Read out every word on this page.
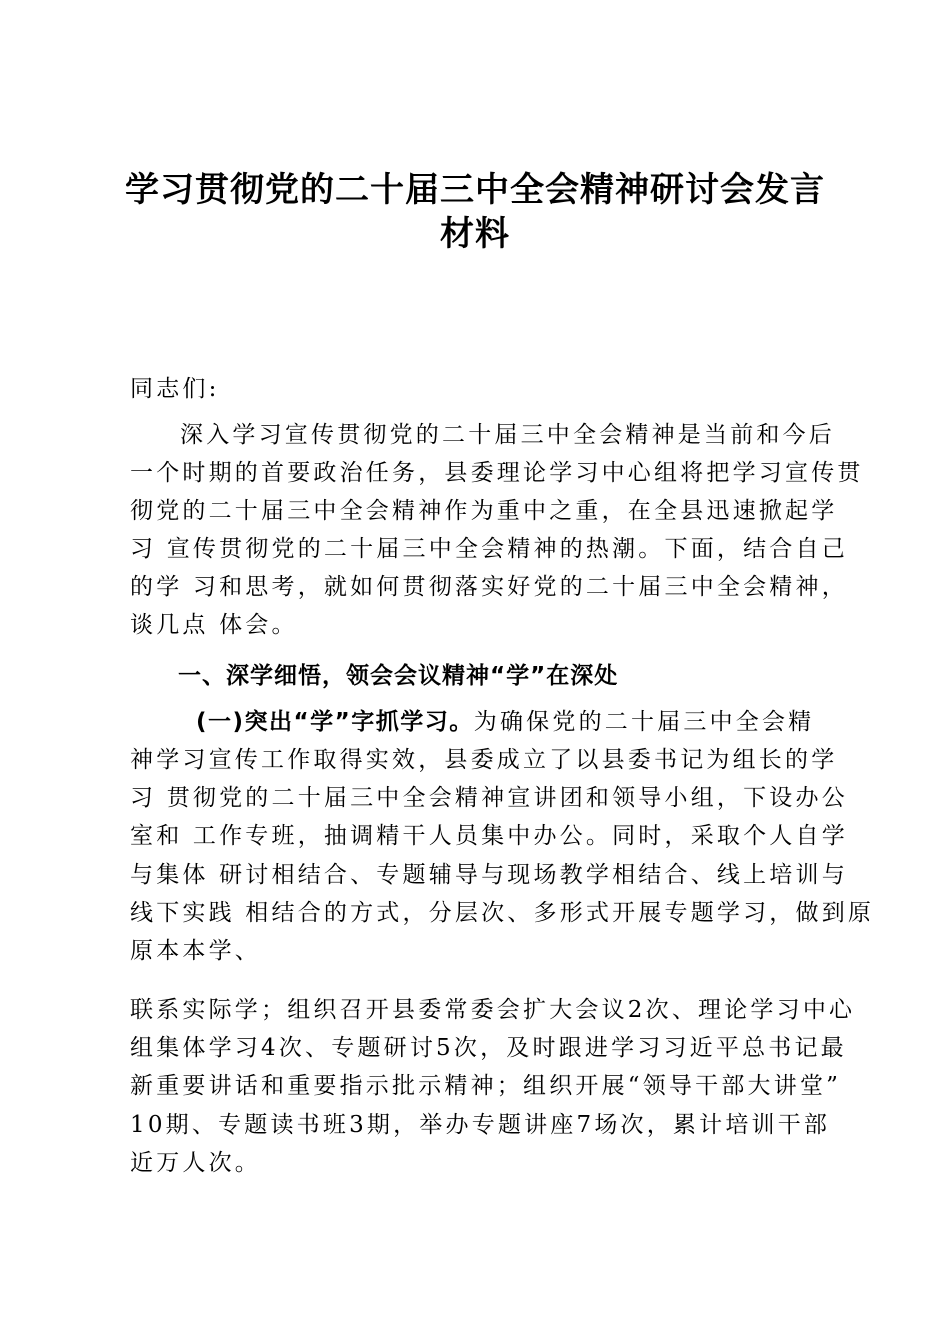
学习贯彻党的二十届三中全会精神研讨会发言
材料
同志们:
深入学习宣传贯彻党的二十届三中全会精神是当前和今后
一个时期的首要政治任务，县委理论学习中心组将把学习宣传贯
彻党的二十届三中全会精神作为重中之重，在全县迅速掀起学
习 宣传贯彻党的二十届三中全会精神的热潮。下面，结合自己
的学 习和思考，就如何贯彻落实好党的二十届三中全会精神，
谈几点 体会。
一、深学细悟，领会会议精神“学”在深处
(一)突出“学”字抓学习。为确保党的二十届三中全会精
神学习宣传工作取得实效，县委成立了以县委书记为组长的学
习 贯彻党的二十届三中全会精神宣讲团和领导小组，下设办公
室和 工作专班，抽调精干人员集中办公。同时，采取个人自学
与集体 研讨相结合、专题辅导与现场教学相结合、线上培训与
线下实践 相结合的方式，分层次、多形式开展专题学习，做到原
原本本学、
联系实际学；组织召开县委常委会扩大会议2次、理论学习中心
组集体学习4次、专题研讨5次，及时跟进学习习近平总书记最
新重要讲话和重要指示批示精神；组织开展“领导干部大讲堂”
10期、专题读书班3期，举办专题讲座7场次，累计培训干部
近万人次。
